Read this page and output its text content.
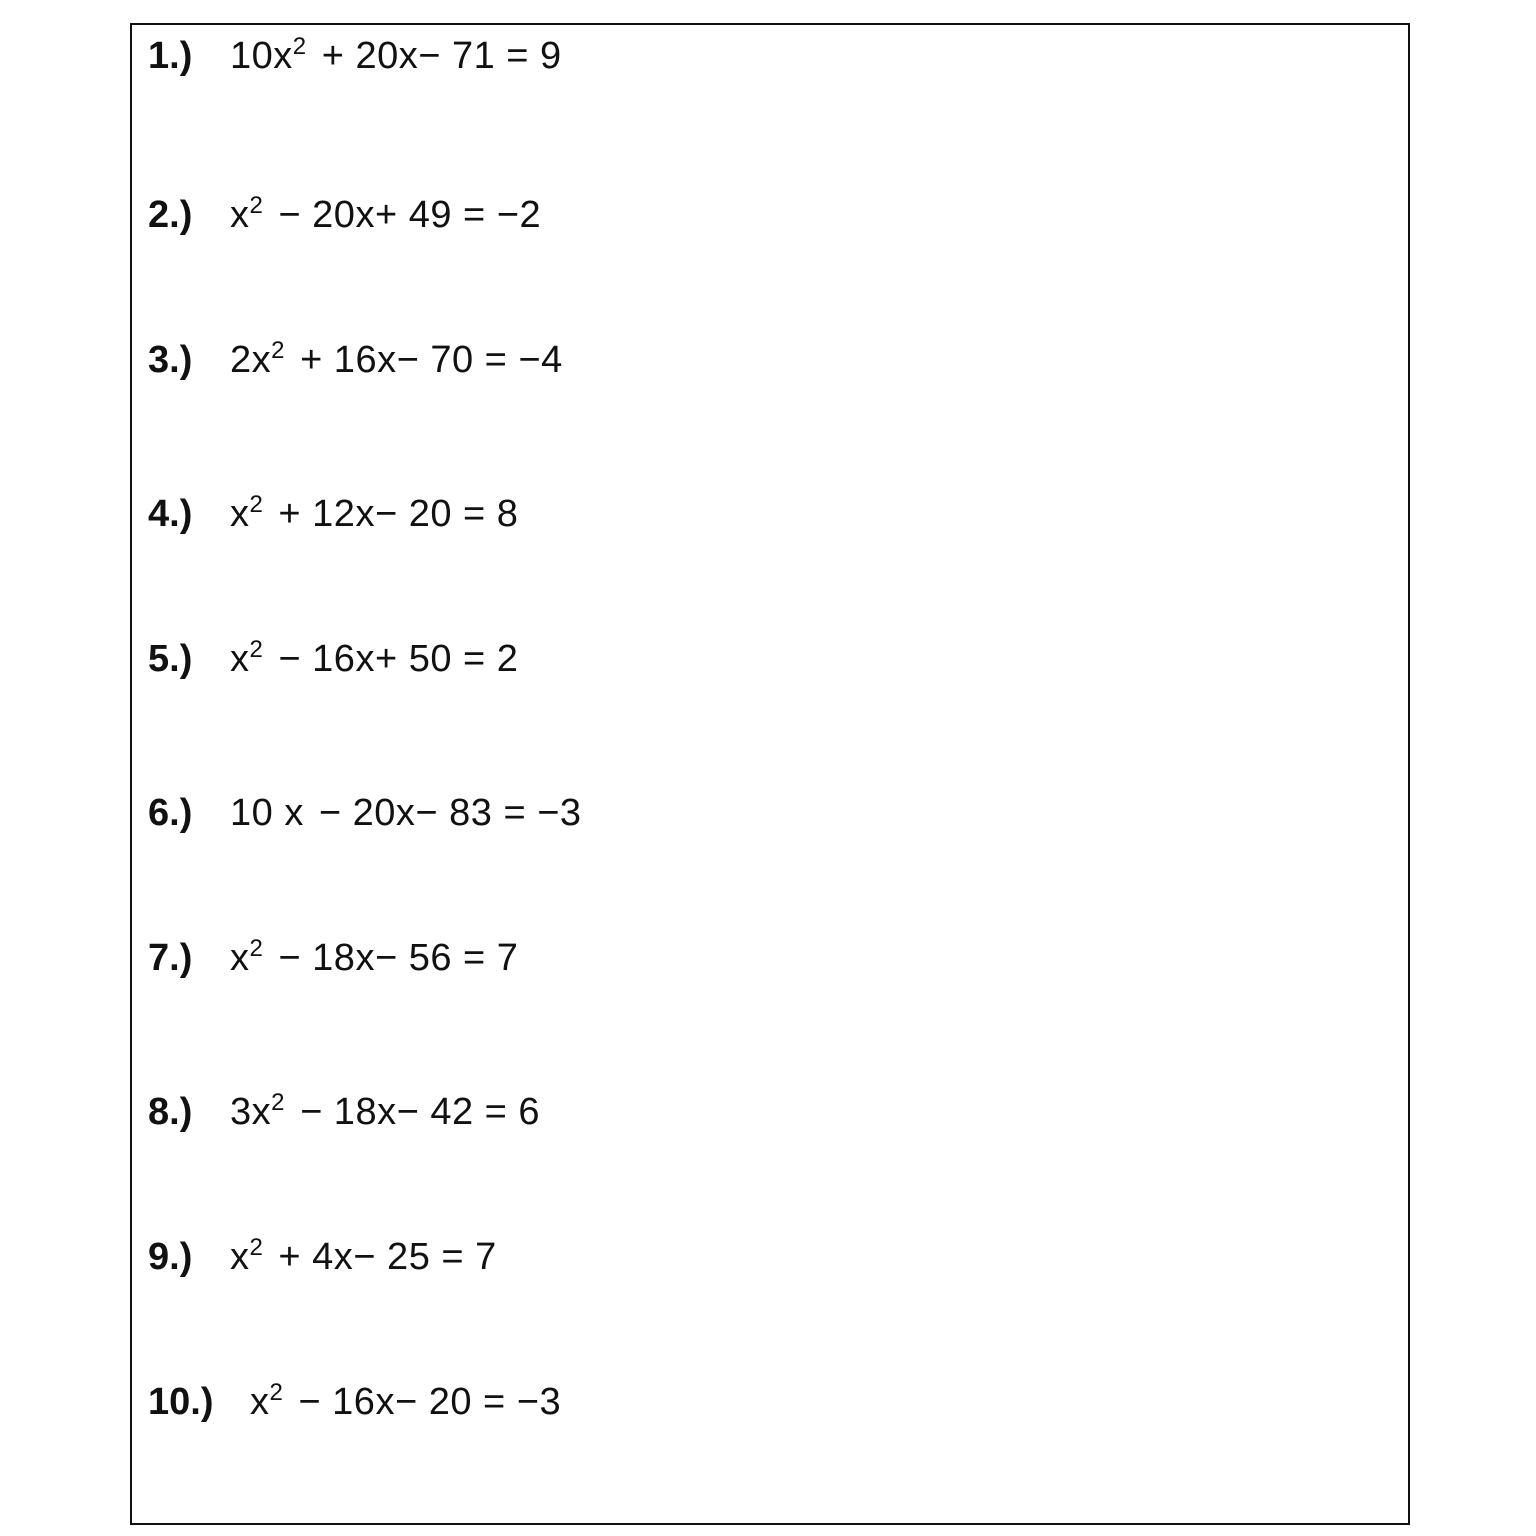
1.) $10x^2 + 20x- 71 = 9$
2.) $x^2 - 20x+ 49 = -2$
3.) $2x^2 + 16x- 70 = -4$
4.) $x^2 + 12x- 20 = 8$
5.) $x^2 - 16x+ 50 = 2$
6.) 10 x − 20x− 83 = −3
7.) $x^2 - 18x- 56 = 7$
8.) $3x^2 - 18x- 42 = 6$
9.) $x^2 + 4x- 25 = 7$
10.) $x^2 - 16x- 20 = -3$
